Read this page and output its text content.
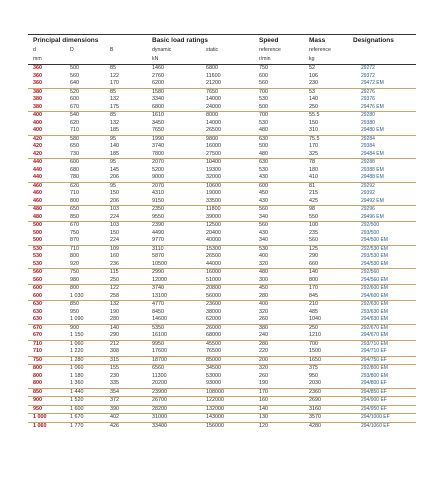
Principal dimensions	Basic load ratings	Speed	Mass	Designations
d	D	B	dynamic	static	reference	reference
mm	kN	r/min	kg
360	500	85	1460	6800	750	52	29272
360	560	122	2760	11600	600	106	29372
360	640	170	6200	21200	560	230	29472 EM
380	520	85	1580	7650	700	53	29276
380	600	132	3340	14000	530	140	29376
380	670	175	6800	24000	500	250	29476 EM
400	540	85	1610	8000	700	55.5	29280
400	620	132	3450	14000	530	150	29380
400	710	185	7650	26500	480	310	29480 EM
420	580	95	1990	9800	630	75.5	29284
420	650	140	3740	16000	500	170	29384
420	730	185	7800	27500	480	325	29484 EM
440	600	95	2070	10400	630	78	29288
440	680	145	5200	19300	530	180	29388 EM
440	780	206	9000	32000	430	410	29488 EM
460	620	95	2070	10600	600	81	29292
460	710	150	4310	19000	450	215	29392
460	800	206	9150	33500	430	425	29492 EM
480	650	103	2350	11800	560	98	29296
480	850	224	9550	39000	340	550	29496 EM
500	670	103	2390	12500	560	100	292/500
500	750	150	4490	20400	430	235	293/500
500	870	224	9770	40000	340	560	294/500 EM
530	710	109	3110	15300	530	125	292/530 EM
530	800	160	5870	26500	400	290	293/530 EM
530	920	236	10500	44000	320	660	294/530 EM
560	750	115	2990	16000	480	140	292/560
560	980	250	12000	51000	300	800	294/560 EM
600	800	122	3740	20800	450	170	292/600 EM
600	1 030	258	13100	56000	280	845	294/600 EM
630	850	132	4770	23600	400	210	292/630 EM
630	950	190	8450	38000	320	485	293/630 EM
630	1 090	280	14600	62000	260	1040	294/630 EM
670	900	140	5350	26000	380	250	292/670 EM
670	1 150	290	16100	68000	240	1210	294/670 EM
710	1 060	212	9950	45500	280	700	293/710 EM
710	1 220	308	17600	76500	220	1500	294/710 EF
750	1 280	315	18700	85000	200	1650	294/750 EF
800	1 060	155	6560	34500	320	375	292/800 EM
800	1 180	230	11300	53000	260	950	293/800 EM
800	1 360	335	20200	93000	190	2030	294/800 EF
850	1 440	354	23900	108000	170	2360	294/850 EF
900	1 520	372	26700	122000	160	2690	294/900 EF
950	1 600	390	28200	132000	140	3160	294/950 EF
1 000	1 670	402	31000	143000	130	3570	294/1000 EF
1 060	1 770	426	33400	156000	120	4280	294/1060 EF
